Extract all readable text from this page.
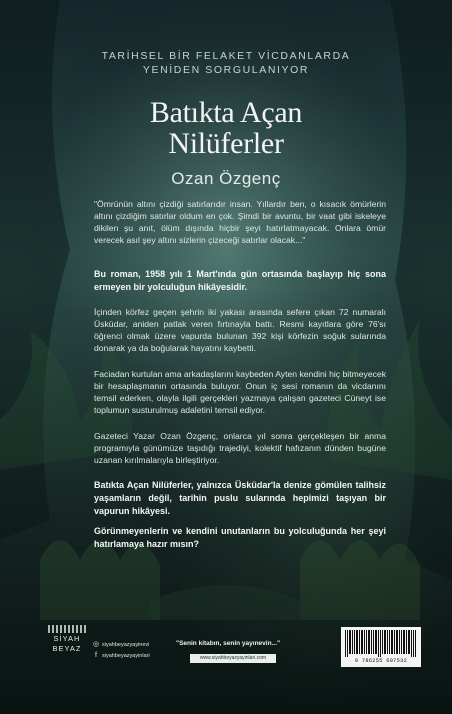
TARİHSEL BİR FELAKET VİCDANLARDA
YENİDEN SORGULANIYOR
Batıkta Açan
Nilüferler
Ozan Özgenç
"Ömrünün altını çizdiği satırlarıdır insan. Yıllardır ben, o kısacık ömürlerin altını çizdiğim satırlar oldum en çok. Şimdi bir avuntu, bir vaat gibi iskeleye dikilen şu anıt, ölüm dışında hiçbir şeyi hatırlatmayacak. Onlara ömür verecek asıl şey altını sizlerin çizeceği satırlar olacak..."
Bu roman, 1958 yılı 1 Mart'ında gün ortasında başlayıp hiç sona ermeyen bir yolculuğun hikâyesidir.
İçinden körfez geçen şehrin iki yakası arasında sefere çıkan 72 numaralı Üsküdar, aniden patlak veren fırtınayla battı. Resmi kayıtlara göre 76'sı öğrenci olmak üzere vapurda bulunan 392 kişi körfezin soğuk sularında donarak ya da boğularak hayatını kaybetti.
Faciadan kurtulan ama arkadaşlarını kaybeden Ayten kendini hiç bitmeyecek bir hesaplaşmanın ortasında buluyor. Onun iç sesi romanın da vicdanını temsil ederken, olayla ilgili gerçekleri yazmaya çalışan gazeteci Cüneyt ise toplumun susturulmuş adaletini temsil ediyor.
Gazeteci Yazar Ozan Özgenç, onlarca yıl sonra gerçekleşen bir anma programıyla günümüze taşıdığı trajediyi, kolektif hafızanın dünden bugüne uzanan kırılmalarıyla birleştiriyor.
Batıkta Açan Nilüferler, yalnızca Üsküdar'la denize gömülen talihsiz yaşamların değil, tarihin puslu sularında hepimizi taşıyan bir vapurun hikâyesi.
Görünmeyenlerin ve kendini unutanların bu yolculuğunda her şeyi hatırlamaya hazır mısın?
SİYAH
BEYAZ	◎ siyahbeyazyayinevi
f siyahbeyazyayinlari
"Senin kitabın, senin yayınevin..."
www.siyahbeyazyayinlari.com	9 786255 607532
